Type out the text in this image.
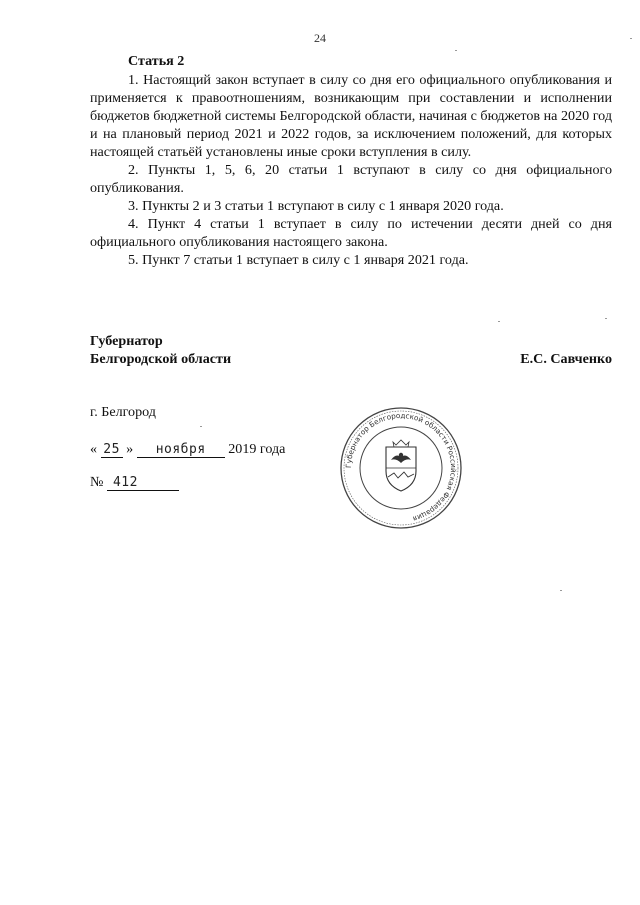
24
Статья 2

1. Настоящий закон вступает в силу со дня его официального опубликования и применяется к правоотношениям, возникающим при составлении и исполнении бюджетов бюджетной системы Белгородской области, начиная с бюджетов на 2020 год и на плановый период 2021 и 2022 годов, за исключением положений, для которых настоящей статьёй установлены иные сроки вступления в силу.

2. Пункты 1, 5, 6, 20 статьи 1 вступают в силу со дня официального опубликования.

3. Пункты 2 и 3 статьи 1 вступают в силу с 1 января 2020 года.

4. Пункт 4 статьи 1 вступает в силу по истечении десяти дней со дня официального опубликования настоящего закона.

5. Пункт 7 статьи 1 вступает в силу с 1 января 2021 года.

Губернатор
Белгородской области	Е.С. Савченко
г. Белгород
« 25 » ноября 2019 года
№ 412
Губернатор Белгородской области Российская Федерация
